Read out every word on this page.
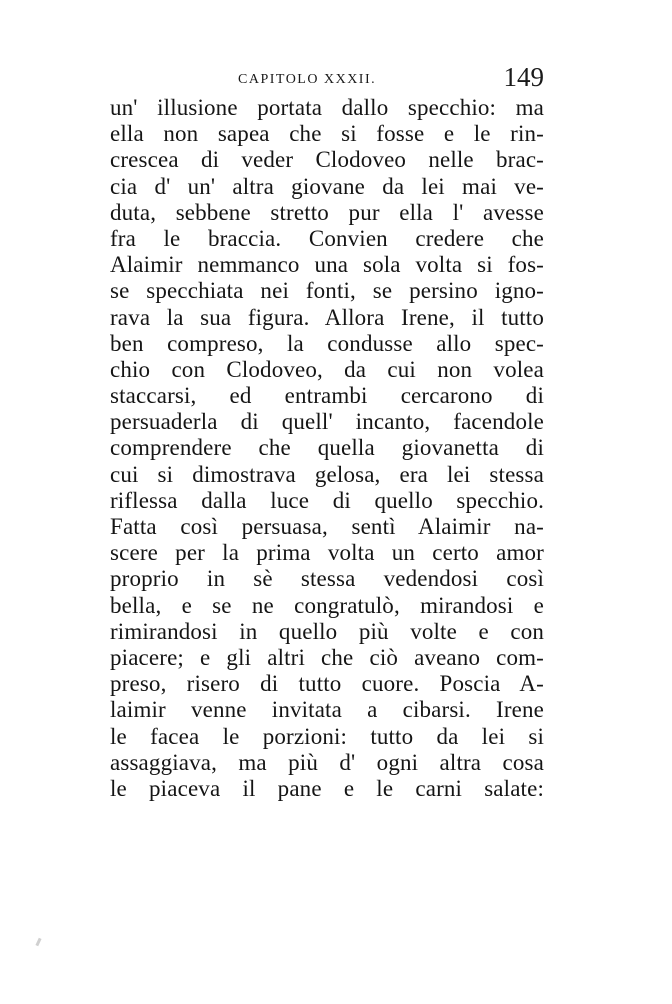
CAPITOLO XXXII.	149
un' illusione portata dallo specchio: ma
ella non sapea che si fosse e le rin-
crescea di veder Clodoveo nelle brac-
cia d' un' altra giovane da lei mai ve-
duta, sebbene stretto pur ella l' avesse
fra le braccia. Convien credere che
Alaimir nemmanco una sola volta si fos-
se specchiata nei fonti, se persino igno-
rava la sua figura. Allora Irene, il tutto
ben compreso, la condusse allo spec-
chio con Clodoveo, da cui non volea
staccarsi, ed entrambi cercarono di
persuaderla di quell' incanto, facendole
comprendere che quella giovanetta di
cui si dimostrava gelosa, era lei stessa
riflessa dalla luce di quello specchio.
Fatta così persuasa, sentì Alaimir na-
scere per la prima volta un certo amor
proprio in sè stessa vedendosi così
bella, e se ne congratulò, mirandosi e
rimirandosi in quello più volte e con
piacere; e gli altri che ciò aveano com-
preso, risero di tutto cuore. Poscia A-
laimir venne invitata a cibarsi. Irene
le facea le porzioni: tutto da lei si
assaggiava, ma più d' ogni altra cosa
le piaceva il pane e le carni salate:
